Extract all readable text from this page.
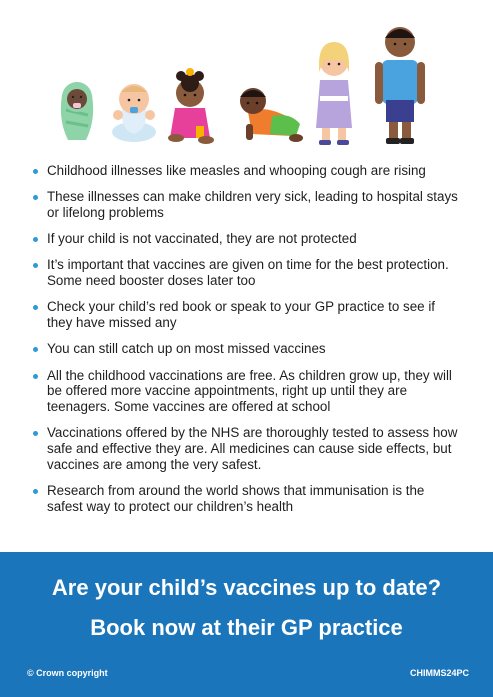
Childhood illnesses like measles and whooping cough are rising
These illnesses can make children very sick, leading to hospital stays or lifelong problems
If your child is not vaccinated, they are not protected
It’s important that vaccines are given on time for the best protection. Some need booster doses later too
Check your child’s red book or speak to your GP practice to see if they have missed any
You can still catch up on most missed vaccines
All the childhood vaccinations are free. As children grow up, they will be offered more vaccine appointments, right up until they are teenagers. Some vaccines are offered at school
Vaccinations offered by the NHS are thoroughly tested to assess how safe and effective they are. All medicines can cause side effects, but vaccines are among the very safest.
Research from around the world shows that immunisation is the safest way to protect our children’s health
Are your child’s vaccines up to date?
Book now at their GP practice
© Crown copyright	CHIMMS24PC
